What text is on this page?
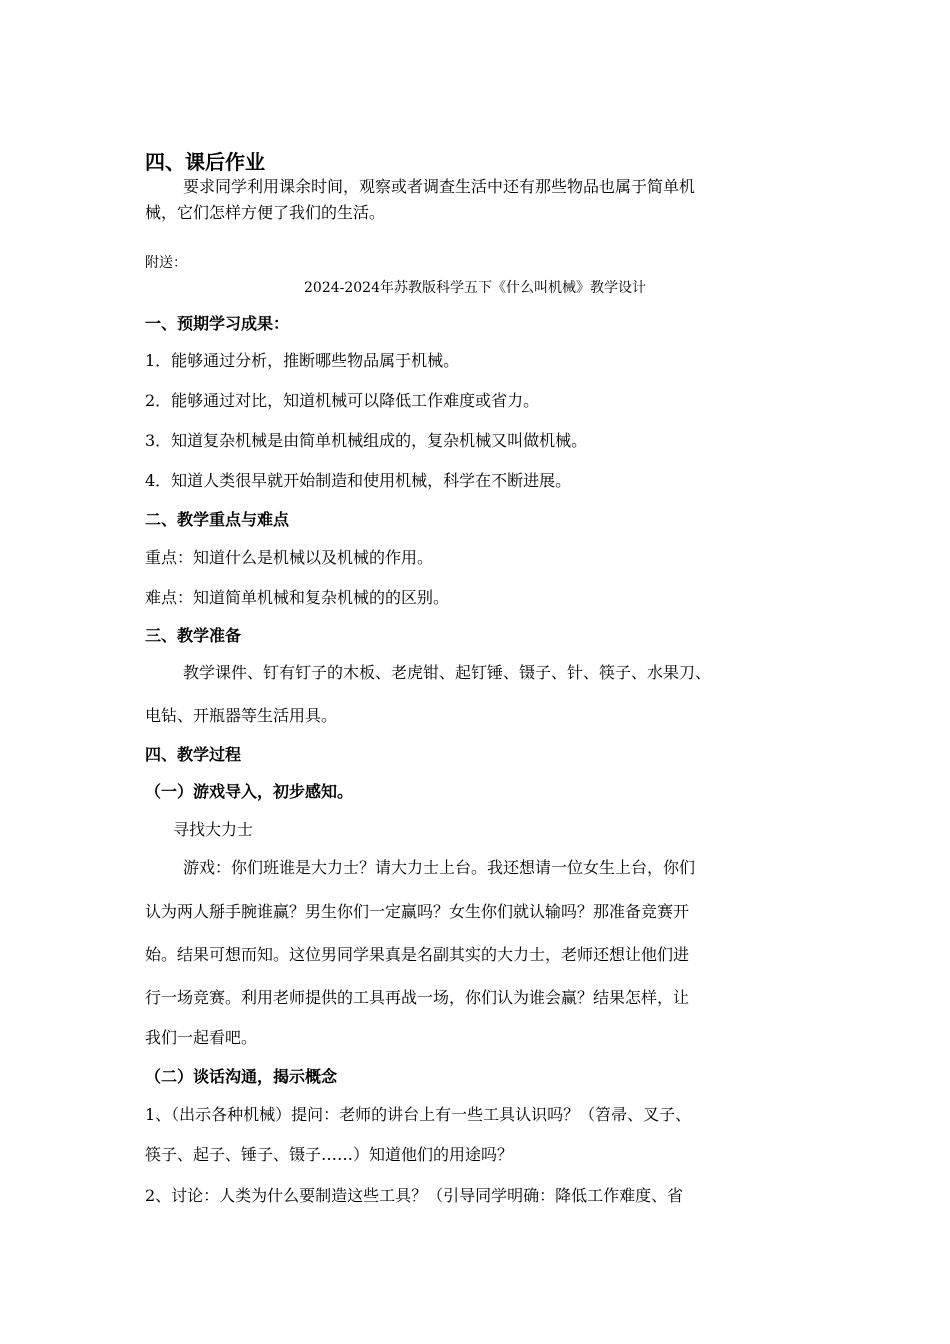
四、课后作业
要求同学利用课余时间，观察或者调查生活中还有那些物品也属于简单机
械，它们怎样方便了我们的生活。
附送：
2024-2024年苏教版科学五下《什么叫机械》教学设计
一、预期学习成果：
1．能够通过分析，推断哪些物品属于机械。
2．能够通过对比，知道机械可以降低工作难度或省力。
3．知道复杂机械是由简单机械组成的，复杂机械又叫做机械。
4．知道人类很早就开始制造和使用机械，科学在不断进展。
二、教学重点与难点
重点：知道什么是机械以及机械的作用。
难点：知道简单机械和复杂机械的的区别。
三、教学准备
教学课件、钉有钉子的木板、老虎钳、起钉锤、镊子、针、筷子、水果刀、
电钻、开瓶器等生活用具。
四、教学过程
（一）游戏导入，初步感知。
寻找大力士
游戏：你们班谁是大力士？请大力士上台。我还想请一位女生上台，你们
认为两人掰手腕谁赢？男生你们一定赢吗？女生你们就认输吗？那准备竞赛开
始。结果可想而知。这位男同学果真是名副其实的大力士，老师还想让他们进
行一场竞赛。利用老师提供的工具再战一场，你们认为谁会赢？结果怎样，让
我们一起看吧。
（二）谈话沟通，揭示概念
1、（出示各种机械）提问：老师的讲台上有一些工具认识吗？（笤帚、叉子、
筷子、起子、锤子、镊子……）知道他们的用途吗？
2、讨论：人类为什么要制造这些工具？（引导同学明确：降低工作难度、省
